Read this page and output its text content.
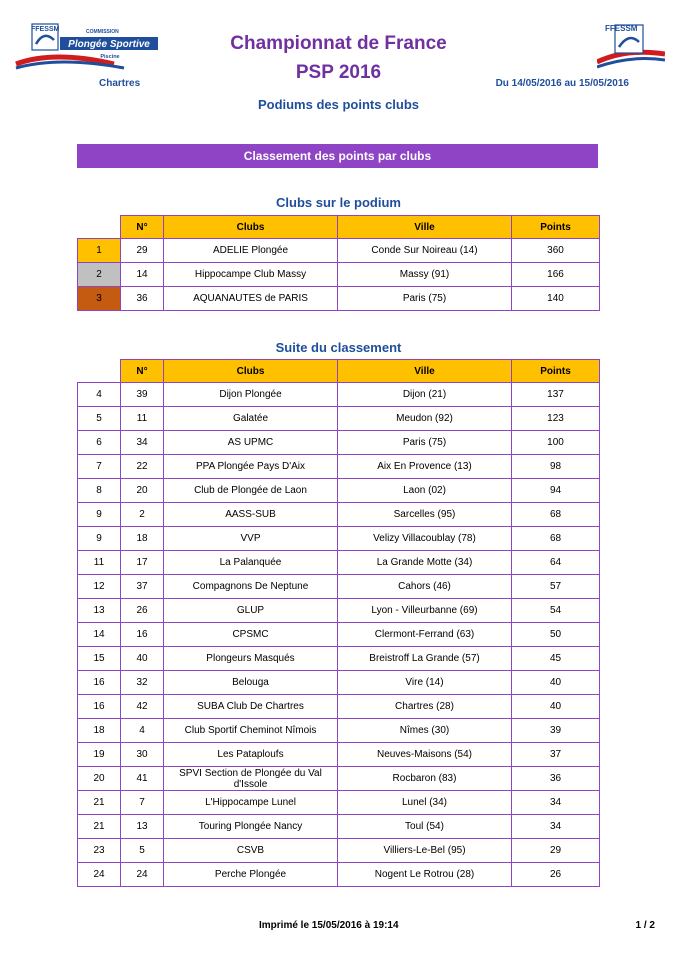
FFESSM	COMMISSION
Plongée Sportive
Piscine
FFESSM
Championnat de France
PSP 2016
Chartres	Du 14/05/2016 au 15/05/2016
Podiums des points clubs
Classement des points par clubs
Clubs sur le podium
	N°	Clubs	Ville	Points
1	29	ADELIE Plongée	Conde Sur Noireau (14)	360
2	14	Hippocampe Club Massy	Massy (91)	166
3	36	AQUANAUTES de PARIS	Paris (75)	140
Suite du classement
	N°	Clubs	Ville	Points
4	39	Dijon Plongée	Dijon (21)	137
5	11	Galatée	Meudon (92)	123
6	34	AS UPMC	Paris (75)	100
7	22	PPA Plongée Pays D'Aix	Aix En Provence (13)	98
8	20	Club de Plongée de Laon	Laon (02)	94
9	2	AASS-SUB	Sarcelles (95)	68
9	18	VVP	Velizy Villacoublay (78)	68
11	17	La Palanquée	La Grande Motte (34)	64
12	37	Compagnons De Neptune	Cahors (46)	57
13	26	GLUP	Lyon - Villeurbanne (69)	54
14	16	CPSMC	Clermont-Ferrand (63)	50
15	40	Plongeurs Masqués	Breistroff La Grande (57)	45
16	32	Belouga	Vire (14)	40
16	42	SUBA Club De Chartres	Chartres (28)	40
18	4	Club Sportif Cheminot Nîmois	Nîmes (30)	39
19	30	Les Pataploufs	Neuves-Maisons (54)	37
20	41	SPVI Section de Plongée du Val d'Issole	Rocbaron (83)	36
21	7	L'Hippocampe Lunel	Lunel (34)	34
21	13	Touring Plongée Nancy	Toul (54)	34
23	5	CSVB	Villiers-Le-Bel (95)	29
24	24	Perche Plongée	Nogent Le Rotrou (28)	26
Imprimé le 15/05/2016 à 19:14	1 / 2
